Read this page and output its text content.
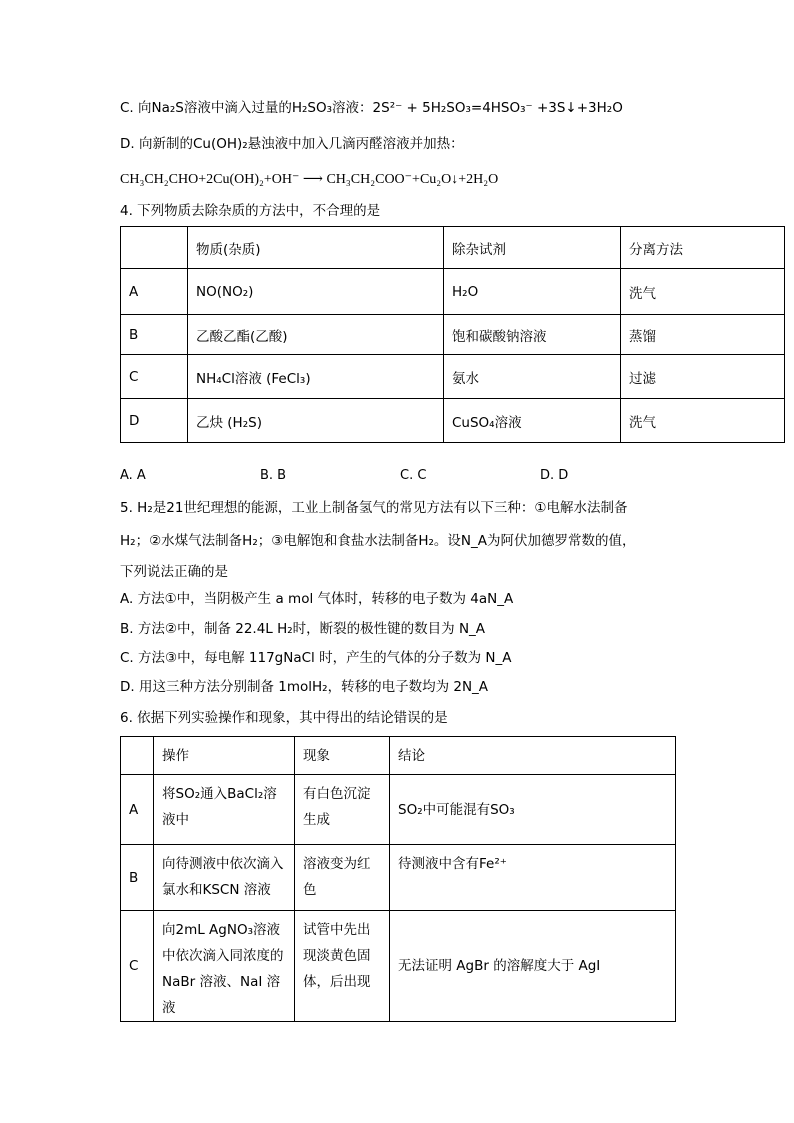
C. 向Na₂S溶液中滴入过量的H₂SO₃溶液：2S²⁻ + 5H₂SO₃=4HSO₃⁻ +3S↓+3H₂O
D. 向新制的Cu(OH)₂悬浊液中加入几滴丙醛溶液并加热：
CH₃CH₂CHO+2Cu(OH)₂+OH⁻ ⟶ CH₃CH₂COO⁻+Cu₂O↓+2H₂O
4. 下列物质去除杂质的方法中，不合理的是
	物质(杂质)	除杂试剂	分离方法
A	NO(NO₂)	H₂O	洗气
B	乙酸乙酯(乙酸)	饱和碳酸钠溶液	蒸馏
C	NH₄Cl溶液 (FeCl₃)	氨水	过滤
D	乙炔 (H₂S)	CuSO₄溶液	洗气
A. A	B. B	C. C	D. D
5. H₂是21世纪理想的能源，工业上制备氢气的常见方法有以下三种：①电解水法制备
H₂；②水煤气法制备H₂；③电解饱和食盐水法制备H₂。设N_A为阿伏加德罗常数的值，
下列说法正确的是
A. 方法①中，当阴极产生 a mol 气体时，转移的电子数为 4aN_A
B. 方法②中，制备 22.4L H₂时，断裂的极性键的数目为 N_A
C. 方法③中，每电解 117gNaCl 时，产生的气体的分子数为 N_A
D. 用这三种方法分别制备 1molH₂，转移的电子数均为 2N_A
6. 依据下列实验操作和现象，其中得出的结论错误的是
	操作	现象	结论
A	将SO₂通入BaCl₂溶液中	有白色沉淀生成	SO₂中可能混有SO₃
B	向待测液中依次滴入氯水和KSCN 溶液	溶液变为红色	待测液中含有Fe²⁺
C	向2mL AgNO₃溶液中依次滴入同浓度的NaBr 溶液、NaI 溶液	试管中先出现淡黄色固体，后出现	无法证明 AgBr 的溶解度大于 AgI
